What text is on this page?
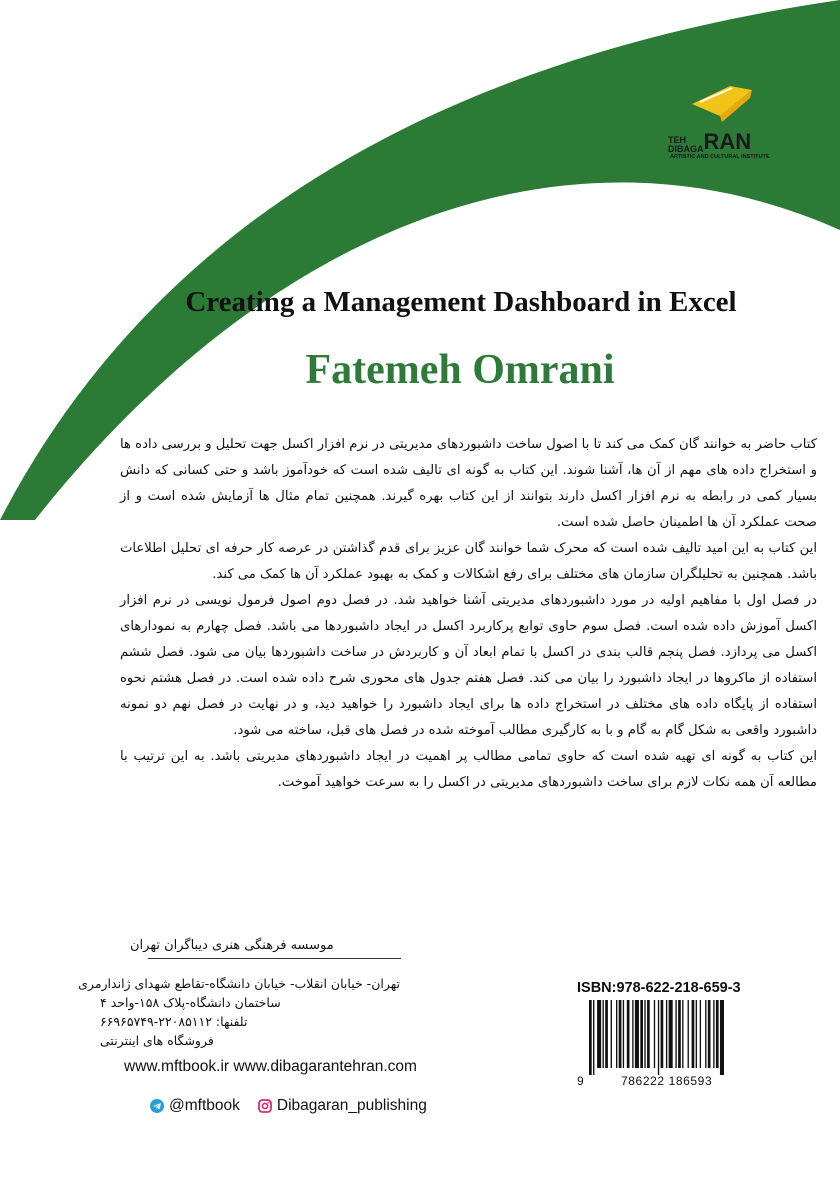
TEH
DIBAGARAN
ARTISTIC AND CULTURAL INSTITUTE
Creating a Management Dashboard in Excel
Fatemeh Omrani

کتاب حاضر به خوانند گان کمک می کند تا با اصول ساخت داشبوردهای مدیریتی در نرم افزار اکسل جهت تحلیل و بررسی داده ها و استخراج داده های مهم از آن ها، آشنا شوند. این کتاب به گونه ای تالیف شده است که خودآموز باشد و حتی کسانی که دانش بسیار کمی در رابطه به نرم افزار اکسل دارند بتوانند از این کتاب بهره گیرند. همچنین تمام مثال ها آزمایش شده است و از صحت عملکرد آن ها اطمینان حاصل شده است.

این کتاب به این امید تالیف شده است که محرک شما خوانند گان عزیز برای قدم گذاشتن در عرصه کار حرفه ای تحلیل اطلاعات باشد. همچنین به تحلیلگران سازمان های مختلف برای رفع اشکالات و کمک به بهبود عملکرد آن ها کمک می کند.

در فصل اول با مفاهیم اولیه در مورد داشبوردهای مدیریتی آشنا خواهید شد. در فصل دوم اصول فرمول نویسی در نرم افزار اکسل آموزش داده شده است. فصل سوم حاوی توابع پرکاربرد اکسل در ایجاد داشبوردها می باشد. فصل چهارم به نمودارهای اکسل می پردازد. فصل پنجم قالب بندی در اکسل با تمام ابعاد آن و کاربردش در ساخت داشبوردها بیان می شود. فصل ششم استفاده از ماکروها در ایجاد داشبورد را بیان می کند. فصل هفتم جدول های محوری شرح داده شده است. در فصل هشتم نحوه استفاده از پایگاه داده های مختلف در استخراج داده ها برای ایجاد داشبورد را خواهید دید، و در نهایت در فصل نهم دو نمونه داشبورد واقعی به شکل گام به گام و با به کارگیری مطالب آموخته شده در فصل های قبل، ساخته می شود.

این کتاب به گونه ای تهیه شده است که حاوی تمامی مطالب پر اهمیت در ایجاد داشبوردهای مدیریتی باشد. به این ترتیب با مطالعه آن همه نکات لازم برای ساخت داشبوردهای مدیریتی در اکسل را به سرعت خواهید آموخت.

موسسه فرهنگی هنری دیباگران تهران
تهران- خیابان انقلاب- خیابان دانشگاه-تقاطع شهدای ژاندارمری
ساختمان دانشگاه-پلاک ۱۵۸-واحد ۴
تلفنها: ۲۲۰۸۵۱۱۲-۶۶۹۶۵۷۴۹
فروشگاه های اینترنتی
www.mftbook.ir www.dibagarantehran.com
@mftbook Dibagaran_publishing
ISBN:978-622-218-659-3
9	786222 186593
